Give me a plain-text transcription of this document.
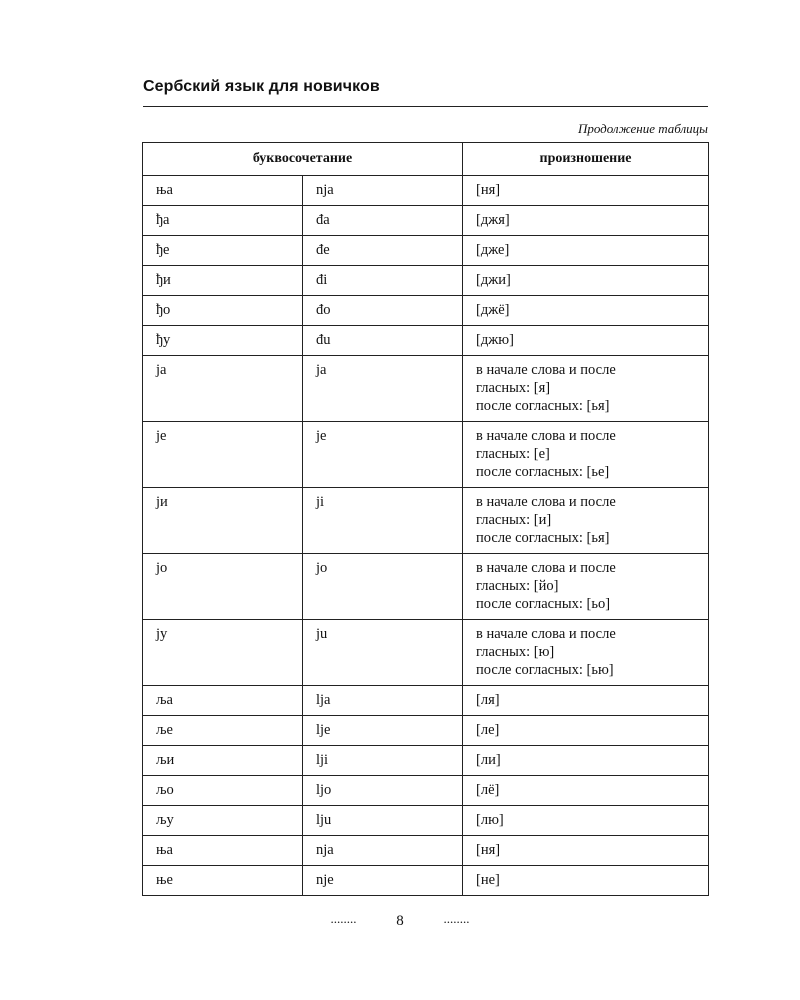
Сербский язык для новичков
Продолжение таблицы
буквосочетание		произношение
ња	nja	[ня]

ђа	đa	[джя]

ђе	đe	[дже]

ђи	đi	[джи]

ђо	đo	[джё]

ђу	đu	[джю]

ја	ja	в начале слова и после
гласных: [я]
после согласных: [ья]

је	je	в начале слова и после
гласных: [е]
после согласных: [ье]

ји	ji	в начале слова и после
гласных: [и]
после согласных: [ья]

јо	jo	в начале слова и после
гласных: [йо]
после согласных: [ьо]

ју	ju	в начале слова и после
гласных: [ю]
после согласных: [ью]

ља	lja	[ля]

ље	lje	[ле]

љи	lji	[ли]

љо	ljo	[лё]

љу	lju	[лю]

ња	nja	[ня]

ње	nje	[не]
........	8	........
